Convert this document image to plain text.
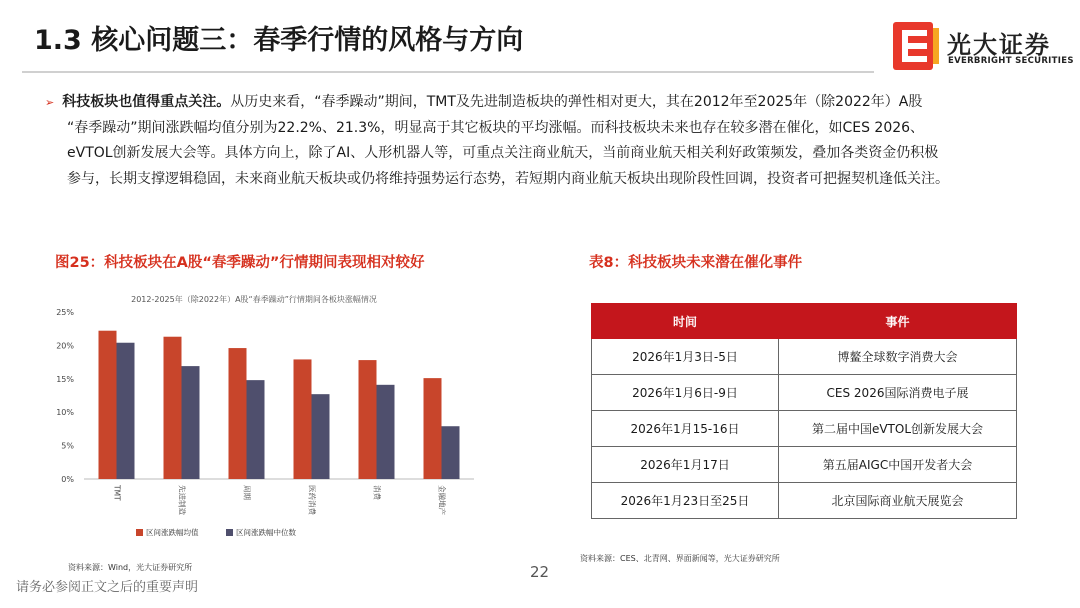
1.3 核心问题三：春季行情的风格与方向	光大证券
EVERBRIGHT SECURITIES
➢ 科技板块也值得重点关注。从历史来看，“春季躁动”期间，TMT及先进制造板块的弹性相对更大，其在2012年至2025年（除2022年）A股
“春季躁动”期间涨跌幅均值分别为22.2%、21.3%，明显高于其它板块的平均涨幅。而科技板块未来也存在较多潜在催化，如CES 2026、
eVTOL创新发展大会等。具体方向上，除了AI、人形机器人等，可重点关注商业航天，当前商业航天相关利好政策频发，叠加各类资金仍积极
参与，长期支撑逻辑稳固，未来商业航天板块或仍将维持强势运行态势，若短期内商业航天板块出现阶段性回调，投资者可把握契机逢低关注。
图25：科技板块在A股“春季躁动”行情期间表现相对较好
2012-2025年（除2022年）A股“春季躁动”行情期间各板块涨幅情况
0%
5%
10%
15%
20%
25%
TMT	先进制造	周期	医药消费	消费	金融地产
区间涨跌幅均值	区间涨跌幅中位数
资料来源：Wind，光大证券研究所
表8：科技板块未来潜在催化事件
时间	事件
2026年1月3日-5日	博鳌全球数字消费大会
2026年1月6日-9日	CES 2026国际消费电子展
2026年1月15-16日	第二届中国eVTOL创新发展大会
2026年1月17日	第五届AIGC中国开发者大会
2026年1月23日至25日	北京国际商业航天展览会
资料来源：CES、北青网、界面新闻等，光大证券研究所
22
请务必参阅正文之后的重要声明
